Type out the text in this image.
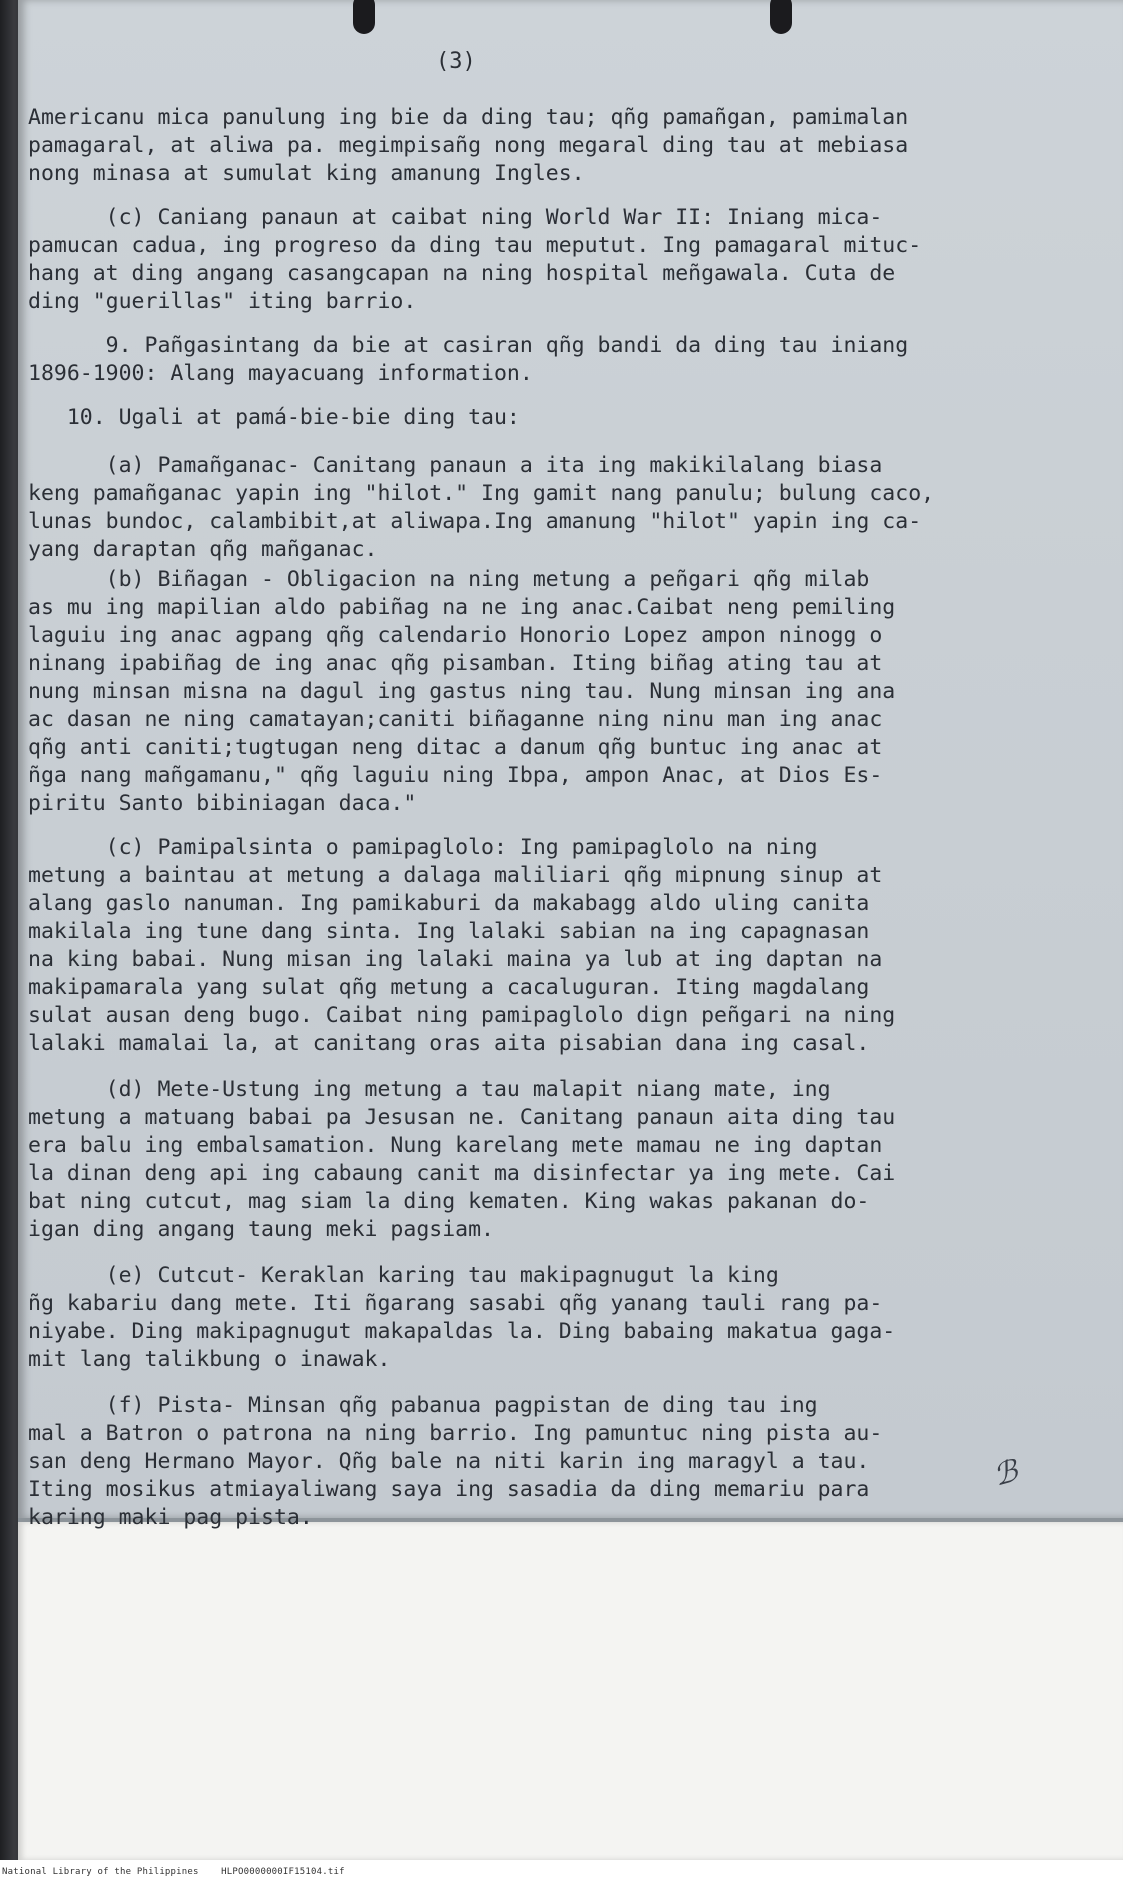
(3)
Americanu mica panulung ing bie da ding tau; qñg pamañgan, pamimalan
pamagaral, at aliwa pa. megimpisañg nong megaral ding tau at mebiasa
nong minasa at sumulat king amanung Ingles.
(c) Caniang panaun at caibat ning World War II: Iniang mica-
pamucan cadua, ing progreso da ding tau meputut. Ing pamagaral mituc-
hang at ding angang casangcapan na ning hospital meñgawala. Cuta de
ding "guerillas" iting barrio.
9. Pañgasintang da bie at casiran qñg bandi da ding tau iniang
1896-1900: Alang mayacuang information.
10. Ugali at pamá-bie-bie ding tau:
(a) Pamañganac- Canitang panaun a ita ing makikilalang biasa
keng pamañganac yapin ing "hilot." Ing gamit nang panulu; bulung caco,
lunas bundoc, calambibit,at aliwapa.Ing amanung "hilot" yapin ing ca-
yang daraptan qñg mañganac.
(b) Biñagan - Obligacion na ning metung a peñgari qñg milab
as mu ing mapilian aldo pabiñag na ne ing anac.Caibat neng pemiling
laguiu ing anac agpang qñg calendario Honorio Lopez ampon ninogg o
ninang ipabiñag de ing anac qñg pisamban. Iting biñag ating tau at
nung minsan misna na dagul ing gastus ning tau. Nung minsan ing ana
ac dasan ne ning camatayan;caniti biñaganne ning ninu man ing anac
qñg anti caniti;tugtugan neng ditac a danum qñg buntuc ing anac at
ñga nang mañgamanu," qñg laguiu ning Ibpa, ampon Anac, at Dios Es-
piritu Santo bibiniagan daca."
(c) Pamipalsinta o pamipaglolo: Ing pamipaglolo na ning
metung a baintau at metung a dalaga maliliari qñg mipnung sinup at
alang gaslo nanuman. Ing pamikaburi da makabagg aldo uling canita
makilala ing tune dang sinta. Ing lalaki sabian na ing capagnasan
na king babai. Nung misan ing lalaki maina ya lub at ing daptan na
makipamarala yang sulat qñg metung a cacaluguran. Iting magdalang
sulat ausan deng bugo. Caibat ning pamipaglolo dign peñgari na ning
lalaki mamalai la, at canitang oras aita pisabian dana ing casal.
(d) Mete-Ustung ing metung a tau malapit niang mate, ing
metung a matuang babai pa Jesusan ne. Canitang panaun aita ding tau
era balu ing embalsamation. Nung karelang mete mamau ne ing daptan
la dinan deng api ing cabaung canit ma disinfectar ya ing mete. Cai
bat ning cutcut, mag siam la ding kematen. King wakas pakanan do-
igan ding angang taung meki pagsiam.
(e) Cutcut- Keraklan karing tau makipagnugut la king
ñg kabariu dang mete. Iti ñgarang sasabi qñg yanang tauli rang pa-
niyabe. Ding makipagnugut makapaldas la. Ding babaing makatua gaga-
mit lang talikbung o inawak.
(f) Pista- Minsan qñg pabanua pagpistan de ding tau ing
mal a Batron o patrona na ning barrio. Ing pamuntuc ning pista au-
san deng Hermano Mayor. Qñg bale na niti karin ing maragyl a tau.
Iting mosikus atmiayaliwang saya ing sasadia da ding memariu para
karing maki pag pista.
ℬ
National Library of the Philippines    HLPO0000000IF15104.tif
